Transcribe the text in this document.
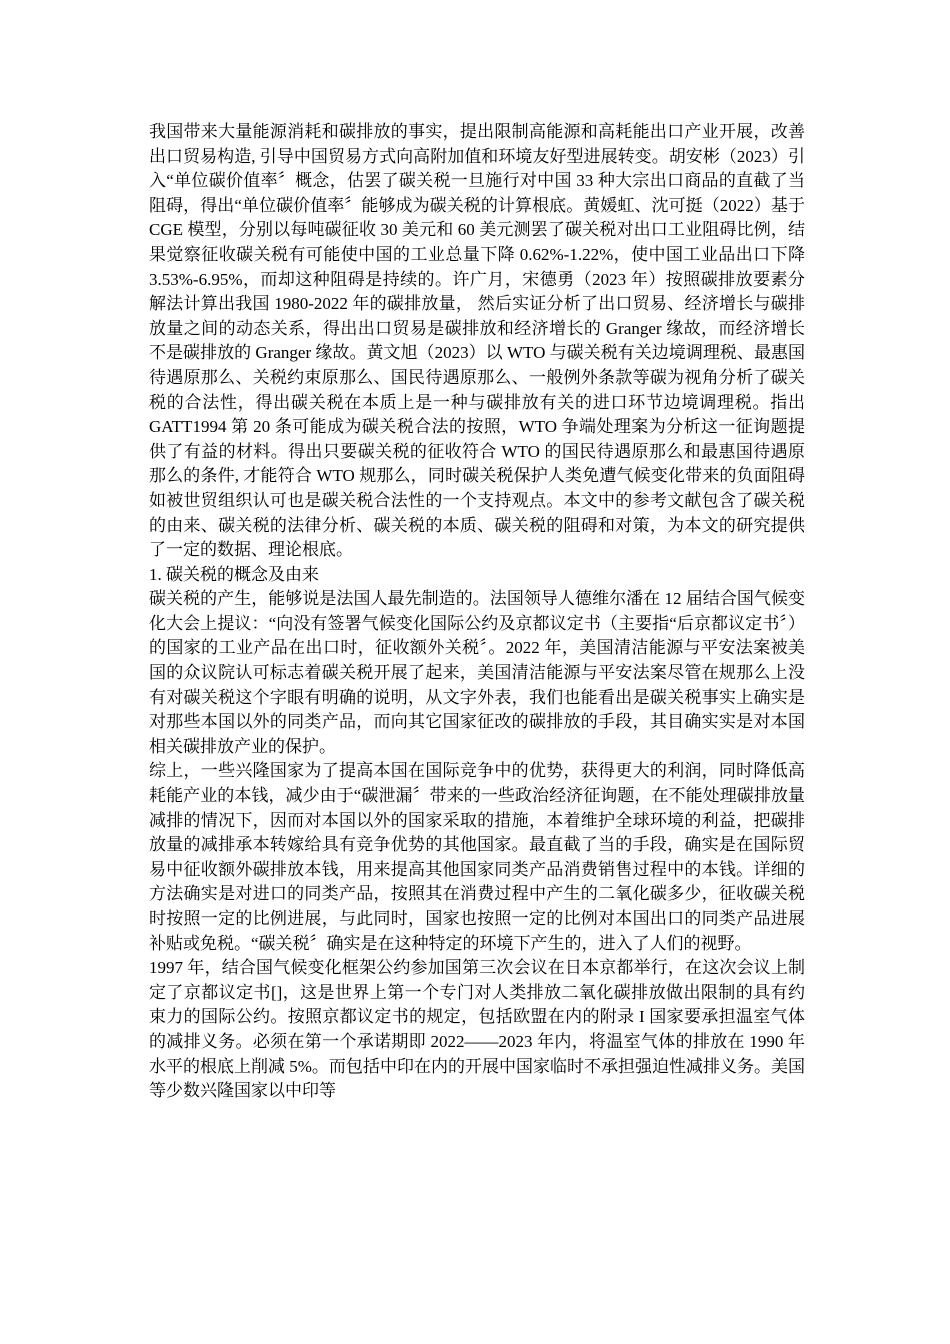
我国带来大量能源消耗和碳排放的事实，提出限制高能源和高耗能出口产业开展，改善出口贸易构造, 引导中国贸易方式向高附加值和环境友好型进展转变。胡安彬（2023）引入“单位碳价值率〞概念，估罢了碳关税一旦施行对中国 33 种大宗出口商品的直截了当阻碍，得出“单位碳价值率〞能够成为碳关税的计算根底。黄媛虹、沈可挺（2022）基于 CGE 模型，分别以每吨碳征收 30 美元和 60 美元测罢了碳关税对出口工业阻碍比例，结果觉察征收碳关税有可能使中国的工业总量下降 0.62%-1.22%，使中国工业品出口下降 3.53%-6.95%，而却这种阻碍是持续的。许广月，宋德勇（2023 年）按照碳排放要素分解法计算出我国 1980-2022 年的碳排放量， 然后实证分析了出口贸易、经济增长与碳排放量之间的动态关系，得出出口贸易是碳排放和经济增长的 Granger 缘故，而经济增长不是碳排放的 Granger 缘故。黄文旭（2023）以 WTO 与碳关税有关边境调理税、最惠国待遇原那么、关税约束原那么、国民待遇原那么、一般例外条款等碳为视角分析了碳关税的合法性，得出碳关税在本质上是一种与碳排放有关的进口环节边境调理税。指出 GATT1994 第 20 条可能成为碳关税合法的按照，WTO 争端处理案为分析这一征询题提供了有益的材料。得出只要碳关税的征收符合 WTO 的国民待遇原那么和最惠国待遇原那么的条件, 才能符合 WTO 规那么，同时碳关税保护人类免遭气候变化带来的负面阻碍如被世贸组织认可也是碳关税合法性的一个支持观点。本文中的参考文献包含了碳关税的由来、碳关税的法律分析、碳关税的本质、碳关税的阻碍和对策，为本文的研究提供了一定的数据、理论根底。

1. 碳关税的概念及由来

碳关税的产生，能够说是法国人最先制造的。法国领导人德维尔潘在 12 届结合国气候变化大会上提议：“向没有签署气候变化国际公约及京都议定书（主要指“后京都议定书〞）的国家的工业产品在出口时，征收额外关税〞。2022 年，美国清洁能源与平安法案被美国的众议院认可标志着碳关税开展了起来，美国清洁能源与平安法案尽管在规那么上没有对碳关税这个字眼有明确的说明，从文字外表，我们也能看出是碳关税事实上确实是对那些本国以外的同类产品，而向其它国家征改的碳排放的手段，其目确实实是对本国相关碳排放产业的保护。

综上，一些兴隆国家为了提高本国在国际竞争中的优势，获得更大的利润，同时降低高耗能产业的本钱，减少由于“碳泄漏〞带来的一些政治经济征询题，在不能处理碳排放量减排的情况下，因而对本国以外的国家采取的措施，本着维护全球环境的利益，把碳排放量的减排承本转嫁给具有竞争优势的其他国家。最直截了当的手段，确实是在国际贸易中征收额外碳排放本钱，用来提高其他国家同类产品消费销售过程中的本钱。详细的方法确实是对进口的同类产品，按照其在消费过程中产生的二氧化碳多少，征收碳关税时按照一定的比例进展，与此同时，国家也按照一定的比例对本国出口的同类产品进展补贴或免税。“碳关税〞确实是在这种特定的环境下产生的，进入了人们的视野。

1997 年，结合国气候变化框架公约参加国第三次会议在日本京都举行，在这次会议上制定了京都议定书[]，这是世界上第一个专门对人类排放二氧化碳排放做出限制的具有约束力的国际公约。按照京都议定书的规定，包括欧盟在内的附录 I 国家要承担温室气体的减排义务。必须在第一个承诺期即 2022——2023 年内，将温室气体的排放在 1990 年水平的根底上削减 5%。而包括中印在内的开展中国家临时不承担强迫性减排义务。美国等少数兴隆国家以中印等
